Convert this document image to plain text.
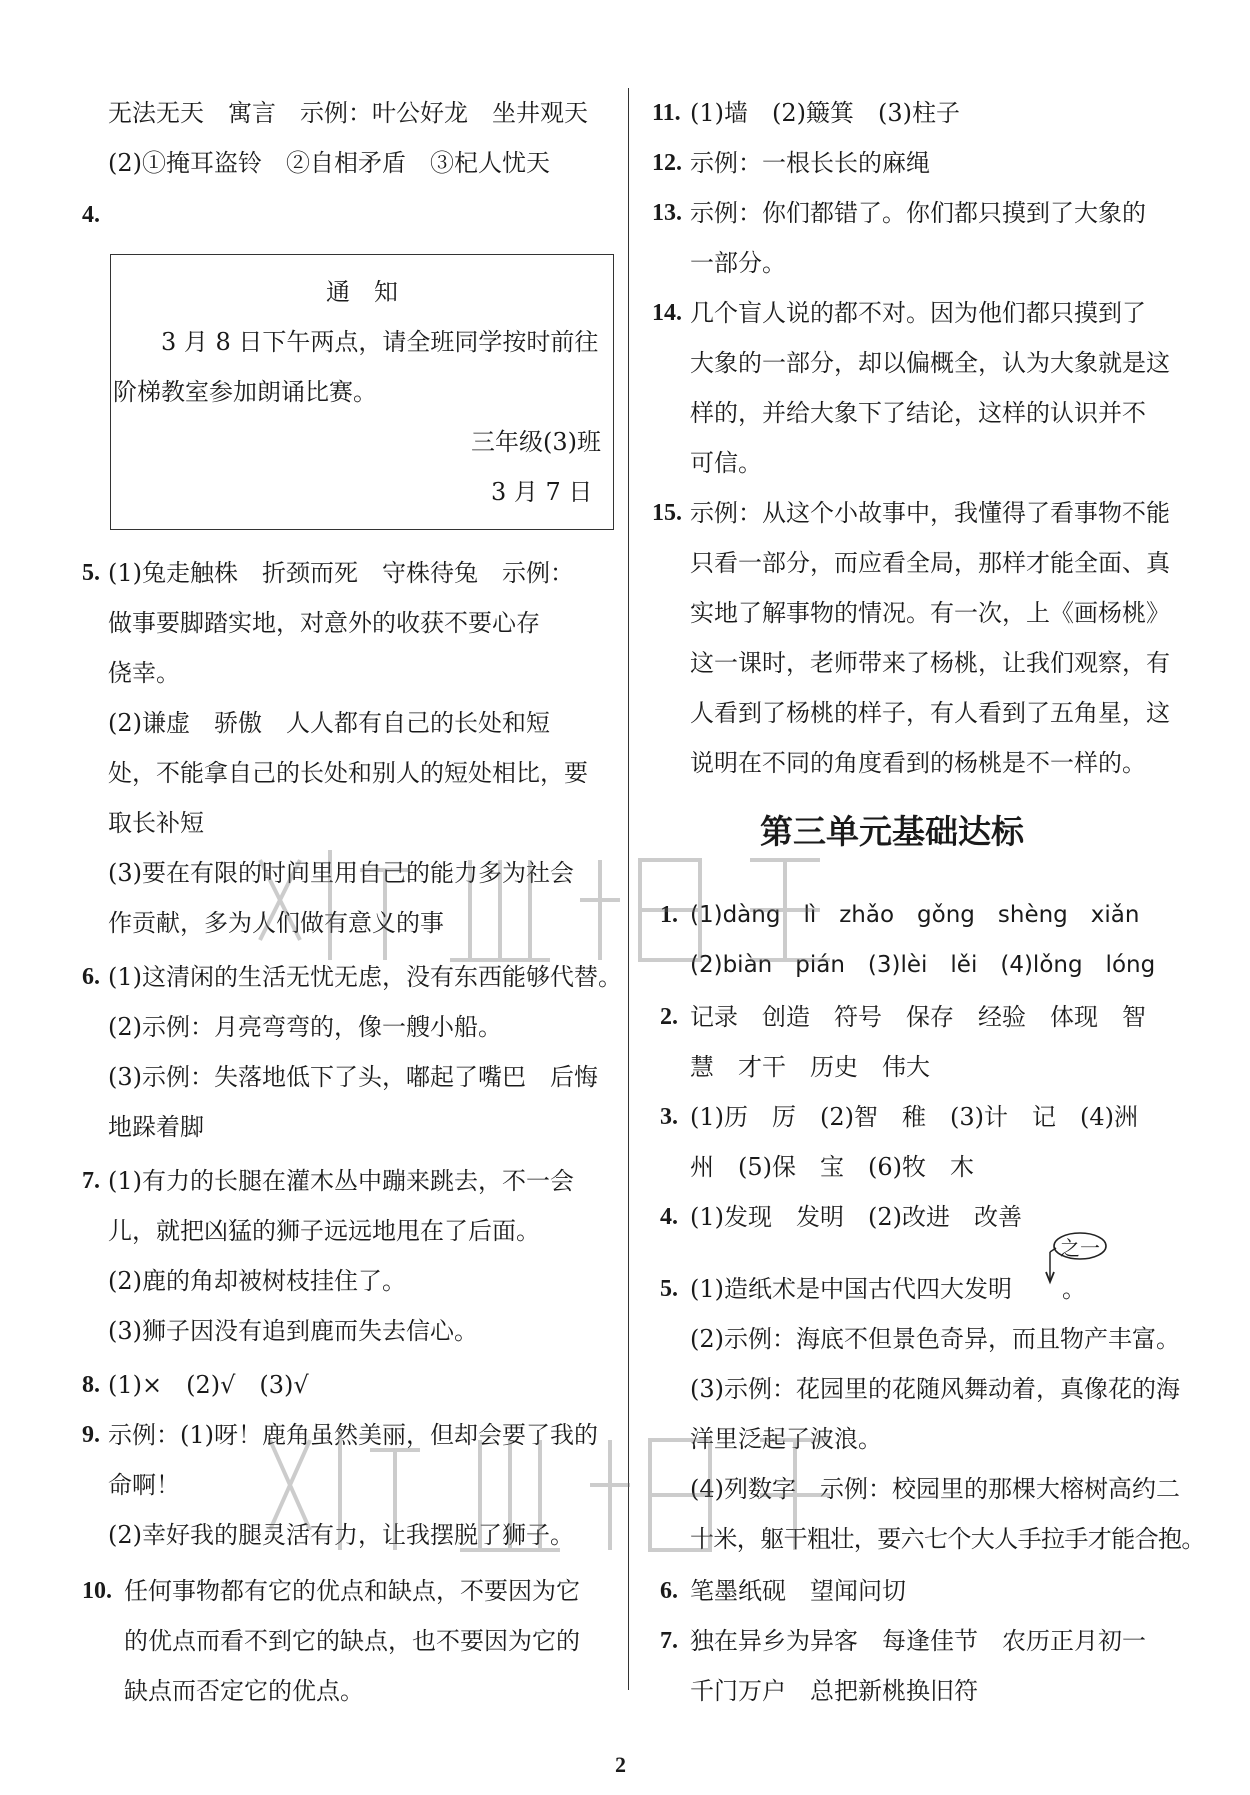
无法无天　寓言　示例：叶公好龙　坐井观天

(2)①掩耳盗铃　②自相矛盾　③杞人忧天

4.

通　知

3 月 8 日下午两点，请全班同学按时前往

阶梯教室参加朗诵比赛。

三年级(3)班

3 月 7 日

5. (1)兔走触株　折颈而死　守株待兔　示例：

做事要脚踏实地，对意外的收获不要心存

侥幸。

(2)谦虚　骄傲　人人都有自己的长处和短

处，不能拿自己的长处和别人的短处相比，要

取长补短

(3)要在有限的时间里用自己的能力多为社会

作贡献，多为人们做有意义的事

6. (1)这清闲的生活无忧无虑，没有东西能够代替。

(2)示例：月亮弯弯的，像一艘小船。

(3)示例：失落地低下了头，嘟起了嘴巴　后悔

地跺着脚

7. (1)有力的长腿在灌木丛中蹦来跳去，不一会

儿，就把凶猛的狮子远远地甩在了后面。

(2)鹿的角却被树枝挂住了。

(3)狮子因没有追到鹿而失去信心。

8. (1)×　(2)√　(3)√

9. 示例：(1)呀！鹿角虽然美丽，但却会要了我的

命啊！

(2)幸好我的腿灵活有力，让我摆脱了狮子。

10. 任何事物都有它的优点和缺点，不要因为它

的优点而看不到它的缺点，也不要因为它的

缺点而否定它的优点。

11. (1)墙　(2)簸箕　(3)柱子

12. 示例：一根长长的麻绳

13. 示例：你们都错了。你们都只摸到了大象的

一部分。

14. 几个盲人说的都不对。因为他们都只摸到了

大象的一部分，却以偏概全，认为大象就是这

样的，并给大象下了结论，这样的认识并不

可信。

15. 示例：从这个小故事中，我懂得了看事物不能

只看一部分，而应看全局，那样才能全面、真

实地了解事物的情况。有一次，上《画杨桃》

这一课时，老师带来了杨桃，让我们观察，有

人看到了杨桃的样子，有人看到了五角星，这

说明在不同的角度看到的杨桃是不一样的。

第三单元基础达标

1. (1)dàng　lì　zhǎo　gǒng　shèng　xiǎn

(2)biàn　pián　(3)lèi　lěi　(4)lǒng　lóng

2. 记录　创造　符号　保存　经验　体现　智

慧　才干　历史　伟大

3. (1)历　厉　(2)智　稚　(3)计　记　(4)洲

州　(5)保　宝　(6)牧　木

4. (1)发现　发明　(2)改进　改善

5. (1)造纸术是中国古代四大发明

之一

。

(2)示例：海底不但景色奇异，而且物产丰富。

(3)示例：花园里的花随风舞动着，真像花的海

洋里泛起了波浪。

(4)列数字　示例：校园里的那棵大榕树高约二

十米，躯干粗壮，要六七个大人手拉手才能合抱。

6. 笔墨纸砚　望闻问切

7. 独在异乡为异客　每逢佳节　农历正月初一

千门万户　总把新桃换旧符

2
